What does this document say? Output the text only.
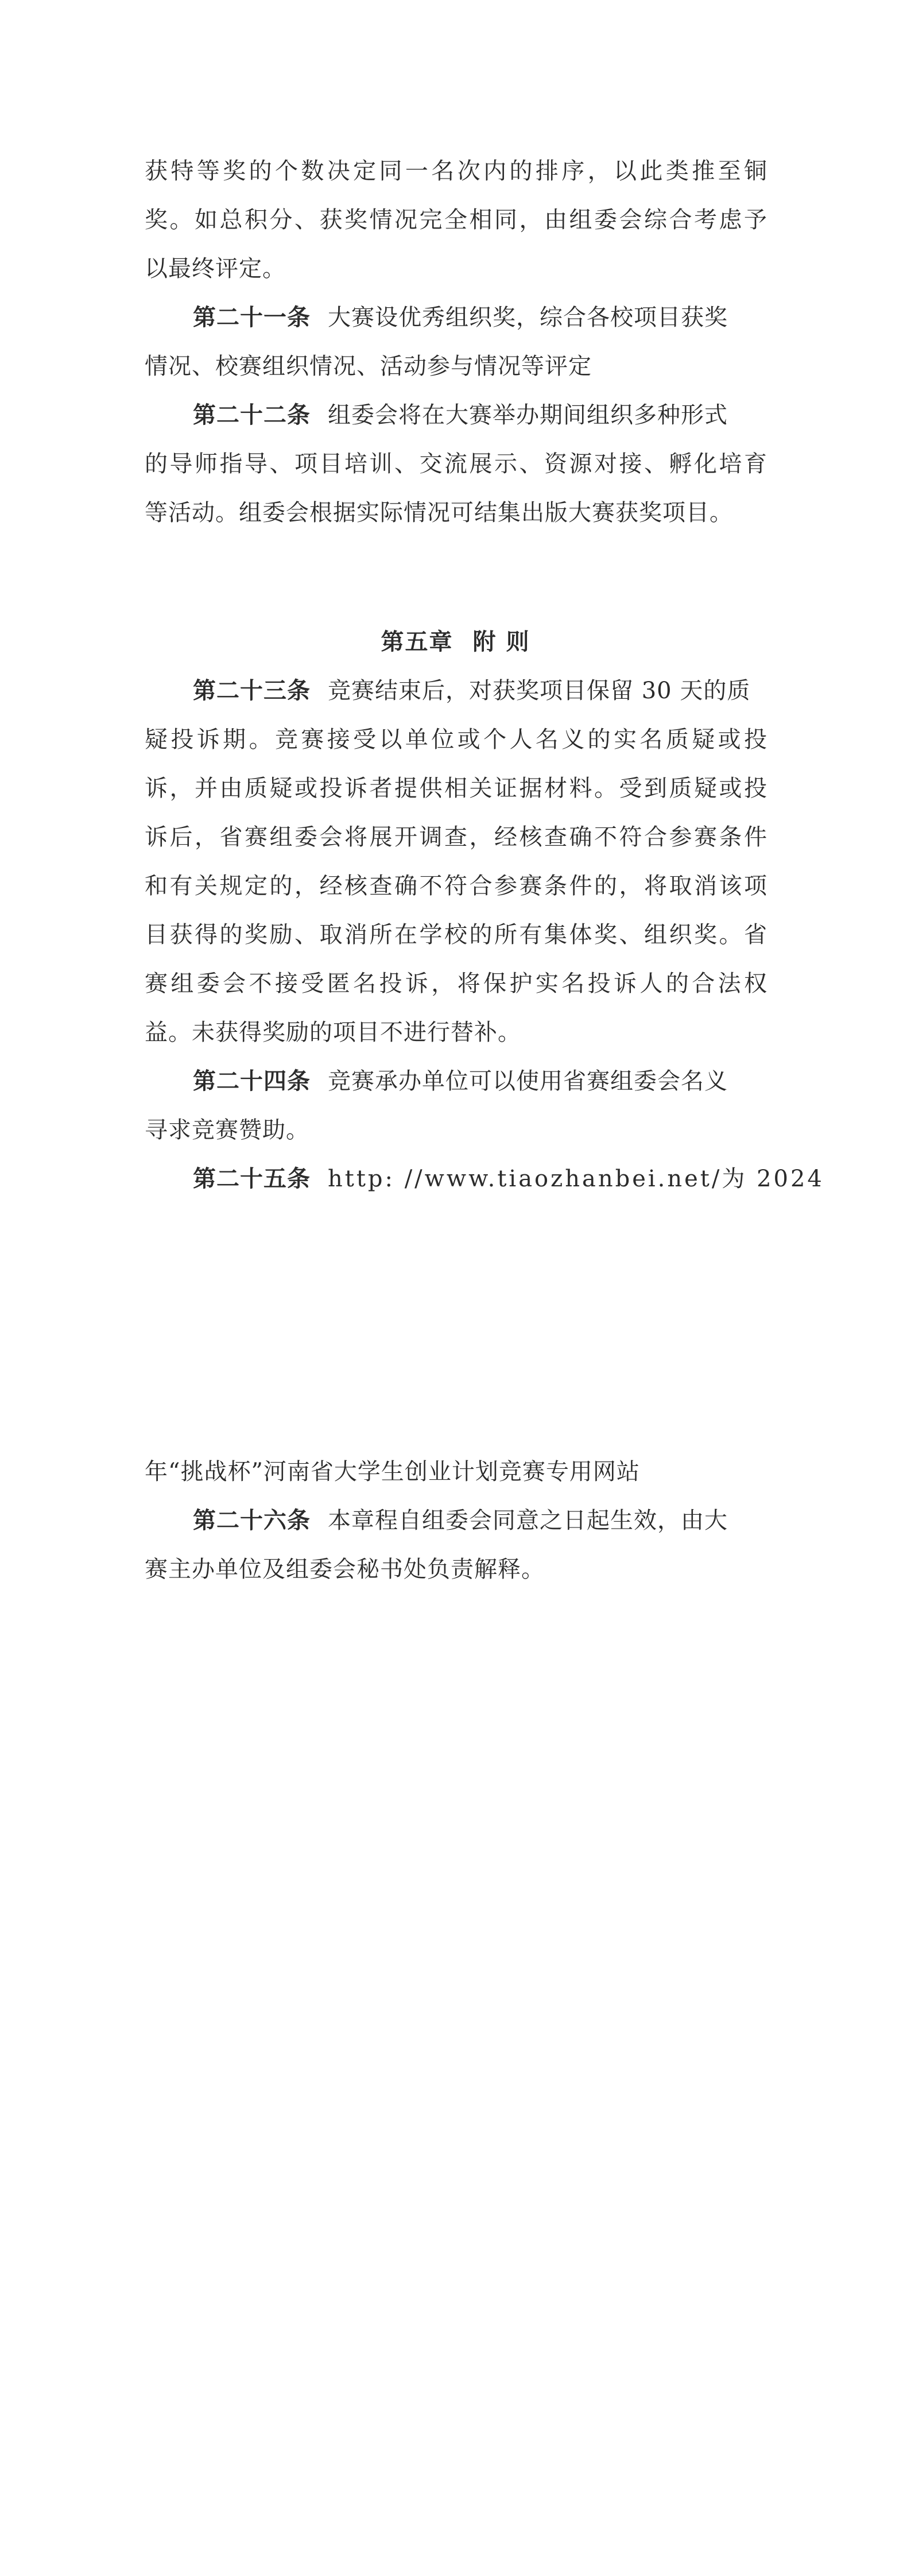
获特等奖的个数决定同一名次内的排序，以此类推至铜
奖。如总积分、获奖情况完全相同，由组委会综合考虑予
以最终评定。
第二十一条 大赛设优秀组织奖，综合各校项目获奖
情况、校赛组织情况、活动参与情况等评定
第二十二条 组委会将在大赛举办期间组织多种形式
的导师指导、项目培训、交流展示、资源对接、孵化培育
等活动。组委会根据实际情况可结集出版大赛获奖项目。
第五章 附 则
第二十三条 竞赛结束后，对获奖项目保留 30 天的质
疑投诉期。竞赛接受以单位或个人名义的实名质疑或投
诉，并由质疑或投诉者提供相关证据材料。受到质疑或投
诉后，省赛组委会将展开调查，经核查确不符合参赛条件
和有关规定的，经核查确不符合参赛条件的，将取消该项
目获得的奖励、取消所在学校的所有集体奖、组织奖。省
赛组委会不接受匿名投诉，将保护实名投诉人的合法权
益。未获得奖励的项目不进行替补。
第二十四条 竞赛承办单位可以使用省赛组委会名义
寻求竞赛赞助。
第二十五条 http: //www.tiaozhanbei.net/为 2024
年“挑战杯”河南省大学生创业计划竞赛专用网站
第二十六条 本章程自组委会同意之日起生效，由大
赛主办单位及组委会秘书处负责解释。
